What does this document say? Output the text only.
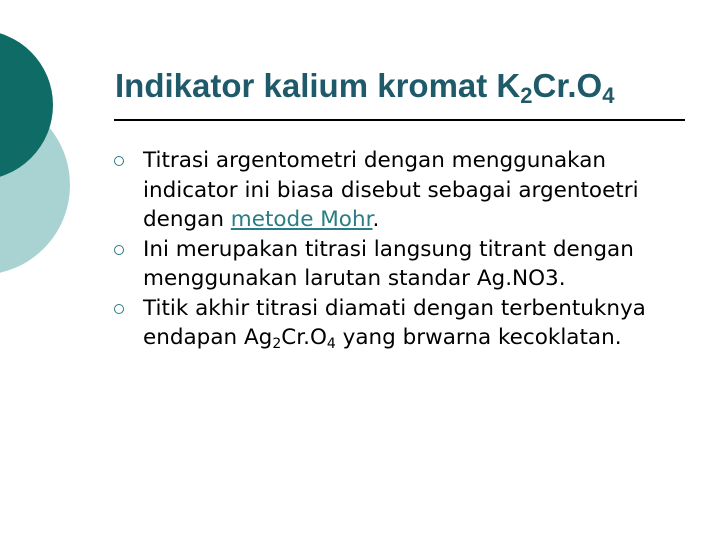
Indikator kalium kromat $K_2Cr.O_4$
Titrasi argentometri dengan menggunakan indicator ini biasa disebut sebagai argentoetri dengan metode Mohr.
Ini merupakan titrasi langsung titrant dengan menggunakan larutan standar Ag.NO3.
Titik akhir titrasi diamati dengan terbentuknya endapan $Ag_2Cr.O_4$ yang brwarna kecoklatan.
